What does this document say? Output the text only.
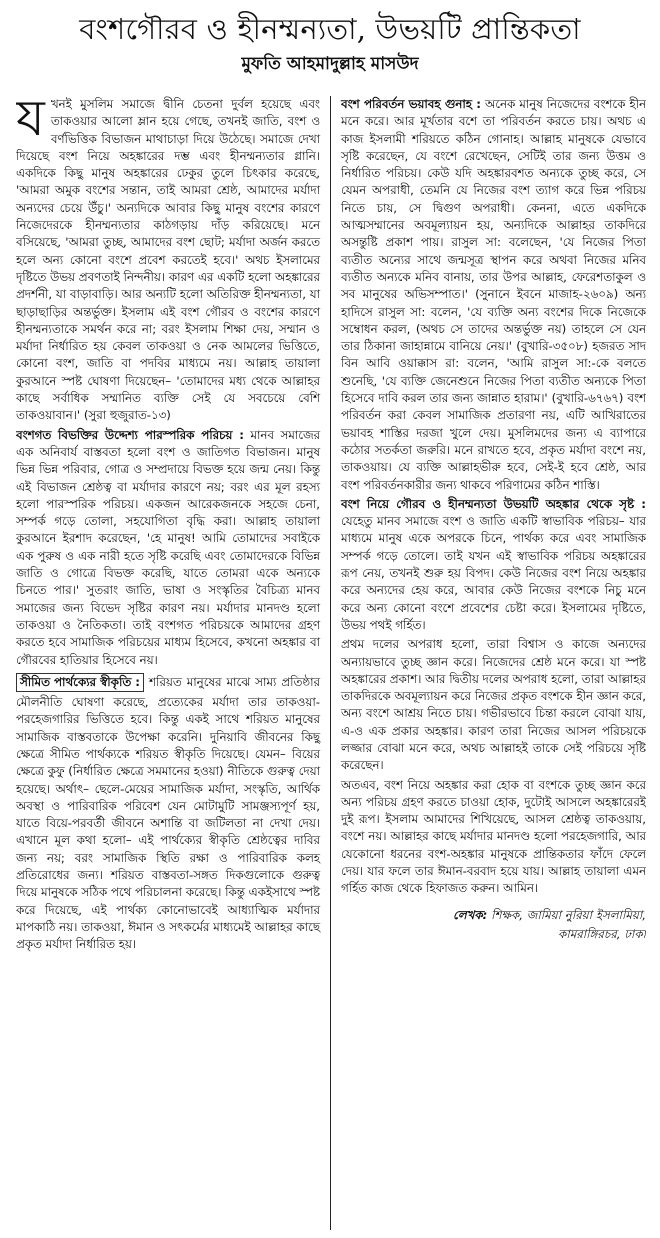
বংশগৌরব ও হীনম্মন্যতা, উভয়টি প্রান্তিকতা
মুফতি আহমাদুল্লাহ মাসউদ

যখনই মুসলিম সমাজে দ্বীনি চেতনা দুর্বল হয়েছে এবং তাকওয়ার আলো ম্লান হয়ে গেছে, তখনই জাতি, বংশ ও বর্ণভিত্তিক বিভাজন মাথাচাড়া দিয়ে উঠেছে। সমাজে দেখা দিয়েছে বংশ নিয়ে অহঙ্কারের দম্ভ এবং হীনম্মন্যতার গ্লানি। একদিকে কিছু মানুষ অহঙ্কারের ঢেকুর তুলে চিৎকার করেছে, 'আমরা অমুক বংশের সন্তান, তাই আমরা শ্রেষ্ঠ, আমাদের মর্যাদা অন্যদের চেয়ে উঁচু।' অন্যদিকে আবার কিছু মানুষ বংশের কারণে নিজেদেরকে হীনম্মন্যতার কাঠগড়ায় দাঁড় করিয়েছে। মনে বসিয়েছে, 'আমরা তুচ্ছ, আমাদের বংশ ছোট; মর্যাদা অর্জন করতে হলে অন্য কোনো বংশে প্রবেশ করতেই হবে।' অথচ ইসলামের দৃষ্টিতে উভয় প্রবণতাই নিন্দনীয়। কারণ এর একটি হলো অহঙ্কারের প্রদর্শনী, যা বাড়াবাড়ি। আর অন্যটি হলো অতিরিক্ত হীনম্মন্যতা, যা ছাড়াছাড়ির অন্তর্ভুক্ত। ইসলাম এই বংশ গৌরব ও বংশের কারণে হীনম্মন্যতাকে সমর্থন করে না; বরং ইসলাম শিক্ষা দেয়, সম্মান ও মর্যাদা নির্ধারিত হয় কেবল তাকওয়া ও নেক আমলের ভিত্তিতে, কোনো বংশ, জাতি বা পদবির মাধ্যমে নয়। আল্লাহ তায়ালা কুরআনে স্পষ্ট ঘোষণা দিয়েছেন– 'তোমাদের মধ্য থেকে আল্লাহর কাছে সর্বাধিক সম্মানিত ব্যক্তি সেই যে সবচেয়ে বেশি তাকওয়াবান।' (সুরা হুজুরাত-১৩)

বংশগত বিভক্তির উদ্দেশ্য পারস্পরিক পরিচয় : মানব সমাজের এক অনিবার্য বাস্তবতা হলো বংশ ও জাতিগত বিভাজন। মানুষ ভিন্ন ভিন্ন পরিবার, গোত্র ও সম্প্রদায়ে বিভক্ত হয়ে জন্ম নেয়। কিন্তু এই বিভাজন শ্রেষ্ঠত্ব বা মর্যাদার কারণে নয়; বরং এর মূল রহস্য হলো পারস্পরিক পরিচয়। একজন আরেকজনকে সহজে চেনা, সম্পর্ক গড়ে তোলা, সহযোগিতা বৃদ্ধি করা। আল্লাহ তায়ালা কুরআনে ইরশাদ করেছেন, 'হে মানুষ! আমি তোমাদের সবাইকে এক পুরুষ ও এক নারী হতে সৃষ্টি করেছি এবং তোমাদেরকে বিভিন্ন জাতি ও গোত্রে বিভক্ত করেছি, যাতে তোমরা একে অন্যকে চিনতে পার।' সুতরাং জাতি, ভাষা ও সংস্কৃতির বৈচিত্র্য মানব সমাজের জন্য বিভেদ সৃষ্টির কারণ নয়। মর্যাদার মানদণ্ড হলো তাকওয়া ও নৈতিকতা। তাই বংশগত পরিচয়কে আমাদের গ্রহণ করতে হবে সামাজিক পরিচয়ের মাধ্যম হিসেবে, কখনো অহঙ্কার বা গৌরবের হাতিয়ার হিসেবে নয়।

সীমিত পার্থক্যের স্বীকৃতি : শরিয়ত মানুষের মাঝে সাম্য প্রতিষ্ঠার মৌলনীতি ঘোষণা করেছে, প্রত্যেকের মর্যাদা তার তাকওয়া-পরহেজগারির ভিত্তিতে হবে। কিন্তু একই সাথে শরিয়ত মানুষের সামাজিক বাস্তবতাকে উপেক্ষা করেনি। দুনিয়াবি জীবনের কিছু ক্ষেত্রে সীমিত পার্থক্যকে শরিয়ত স্বীকৃতি দিয়েছে। যেমন– বিয়ের ক্ষেত্রে কুফু (নির্ধারিত ক্ষেত্রে সমমানের হওয়া) নীতিকে গুরুত্ব দেয়া হয়েছে। অর্থাৎ– ছেলে-মেয়ের সামাজিক মর্যাদা, সংস্কৃতি, আর্থিক অবস্থা ও পারিবারিক পরিবেশ যেন মোটামুটি সামঞ্জস্যপূর্ণ হয়, যাতে বিয়ে-পরবর্তী জীবনে অশান্তি বা জটিলতা না দেখা দেয়। এখানে মূল কথা হলো– এই পার্থক্যের স্বীকৃতি শ্রেষ্ঠত্বের দাবির জন্য নয়; বরং সামাজিক স্থিতি রক্ষা ও পারিবারিক কলহ প্রতিরোধের জন্য। শরিয়ত বাস্তবতা-সঙ্গত দিকগুলোকে গুরুত্ব দিয়ে মানুষকে সঠিক পথে পরিচালনা করেছে। কিন্তু একইসাথে স্পষ্ট করে দিয়েছে, এই পার্থক্য কোনোভাবেই আধ্যাত্মিক মর্যাদার মাপকাঠি নয়। তাকওয়া, ঈমান ও সৎকর্মের মাধ্যমেই আল্লাহর কাছে প্রকৃত মর্যাদা নির্ধারিত হয়।

বংশ পরিবর্তন ভয়াবহ গুনাহ : অনেক মানুষ নিজেদের বংশকে হীন মনে করে। আর মূর্খতার বশে তা পরিবর্তন করতে চায়। অথচ এ কাজ ইসলামী শরিয়তে কঠিন গোনাহ। আল্লাহ মানুষকে যেভাবে সৃষ্টি করেছেন, যে বংশে রেখেছেন, সেটিই তার জন্য উত্তম ও নির্ধারিত পরিচয়। কেউ যদি অহঙ্কারবশত অন্যকে তুচ্ছ করে, সে যেমন অপরাধী, তেমনি যে নিজের বংশ ত্যাগ করে ভিন্ন পরিচয় নিতে চায়, সে দ্বিগুণ অপরাধী। কেননা, এতে একদিকে আত্মসম্মানের অবমূল্যায়ন হয়, অন্যদিকে আল্লাহর তাকদিরে অসন্তুষ্টি প্রকাশ পায়। রাসুল সা: বলেছেন, 'যে নিজের পিতা ব্যতীত অন্যের সাথে জন্মসূত্র স্থাপন করে অথবা নিজের মনিব ব্যতীত অন্যকে মনিব বানায়, তার উপর আল্লাহ, ফেরেশতাকুল ও সব মানুষের অভিসম্পাত।' (সুনানে ইবনে মাজাহ-২৬০৯) অন্য হাদিসে রাসুল সা: বলেন, 'যে ব্যক্তি অন্য বংশের দিকে নিজেকে সম্বোধন করল, (অথচ সে তাদের অন্তর্ভুক্ত নয়) তাহলে সে যেন তার ঠিকানা জাহান্নামে বানিয়ে নেয়।' (বুখারি-৩৫০৮) হজরত সাদ বিন আবি ওয়াক্কাস রা: বলেন, 'আমি রাসুল সা:-কে বলতে শুনেছি, 'যে ব্যক্তি জেনেশুনে নিজের পিতা ব্যতীত অন্যকে পিতা হিসেবে দাবি করল তার জন্য জান্নাত হারাম।' (বুখারি-৬৭৬৭) বংশ পরিবর্তন করা কেবল সামাজিক প্রতারণা নয়, এটি আখিরাতের ভয়াবহ শাস্তির দরজা খুলে দেয়। মুসলিমদের জন্য এ ব্যাপারে কঠোর সতর্কতা জরুরি। মনে রাখতে হবে, প্রকৃত মর্যাদা বংশে নয়, তাকওয়ায়। যে ব্যক্তি আল্লাহভীরু হবে, সেই-ই হবে শ্রেষ্ঠ, আর বংশ পরিবর্তনকারীর জন্য থাকবে পরিণামের কঠিন শাস্তি।

বংশ নিয়ে গৌরব ও হীনম্মন্যতা উভয়টি অহঙ্কার থেকে সৃষ্ট : যেহেতু মানব সমাজে বংশ ও জাতি একটি স্বাভাবিক পরিচয়– যার মাধ্যমে মানুষ একে অপরকে চিনে, পার্থক্য করে এবং সামাজিক সম্পর্ক গড়ে তোলে। তাই যখন এই স্বাভাবিক পরিচয় অহঙ্কারের রূপ নেয়, তখনই শুরু হয় বিপদ। কেউ নিজের বংশ নিয়ে অহঙ্কার করে অন্যদের হেয় করে, আবার কেউ নিজের বংশকে নিচু মনে করে অন্য কোনো বংশে প্রবেশের চেষ্টা করে। ইসলামের দৃষ্টিতে, উভয় পথই গর্হিত।

প্রথম দলের অপরাধ হলো, তারা বিশ্বাস ও কাজে অন্যদের অন্যায়ভাবে তুচ্ছ জ্ঞান করে। নিজেদের শ্রেষ্ঠ মনে করে। যা স্পষ্ট অহঙ্কারের প্রকাশ। আর দ্বিতীয় দলের অপরাধ হলো, তারা আল্লাহর তাকদিরকে অবমূল্যায়ন করে নিজের প্রকৃত বংশকে হীন জ্ঞান করে, অন্য বংশে আশ্রয় নিতে চায়। গভীরভাবে চিন্তা করলে বোঝা যায়, এ-ও এক প্রকার অহঙ্কার। কারণ তারা নিজের আসল পরিচয়কে লজ্জার বোঝা মনে করে, অথচ আল্লাহই তাকে সেই পরিচয়ে সৃষ্টি করেছেন।

অতএব, বংশ নিয়ে অহঙ্কার করা হোক বা বংশকে তুচ্ছ জ্ঞান করে অন্য পরিচয় গ্রহণ করতে চাওয়া হোক, দুটোই আসলে অহঙ্কারেরই দুই রূপ। ইসলাম আমাদের শিখিয়েছে, আসল শ্রেষ্ঠত্ব তাকওয়ায়, বংশে নয়। আল্লাহর কাছে মর্যাদার মানদণ্ড হলো পরহেজগারি, আর যেকোনো ধরনের বংশ-অহঙ্কার মানুষকে প্রান্তিকতার ফাঁদে ফেলে দেয়। যার ফলে তার ঈমান-বরবাদ হয়ে যায়। আল্লাহ তায়ালা এমন গর্হিত কাজ থেকে হিফাজত করুন। আমিন।

লেখক: শিক্ষক, জামিয়া নুরিয়া ইসলামিয়া,
কামরাঙ্গিরচর, ঢাকা
